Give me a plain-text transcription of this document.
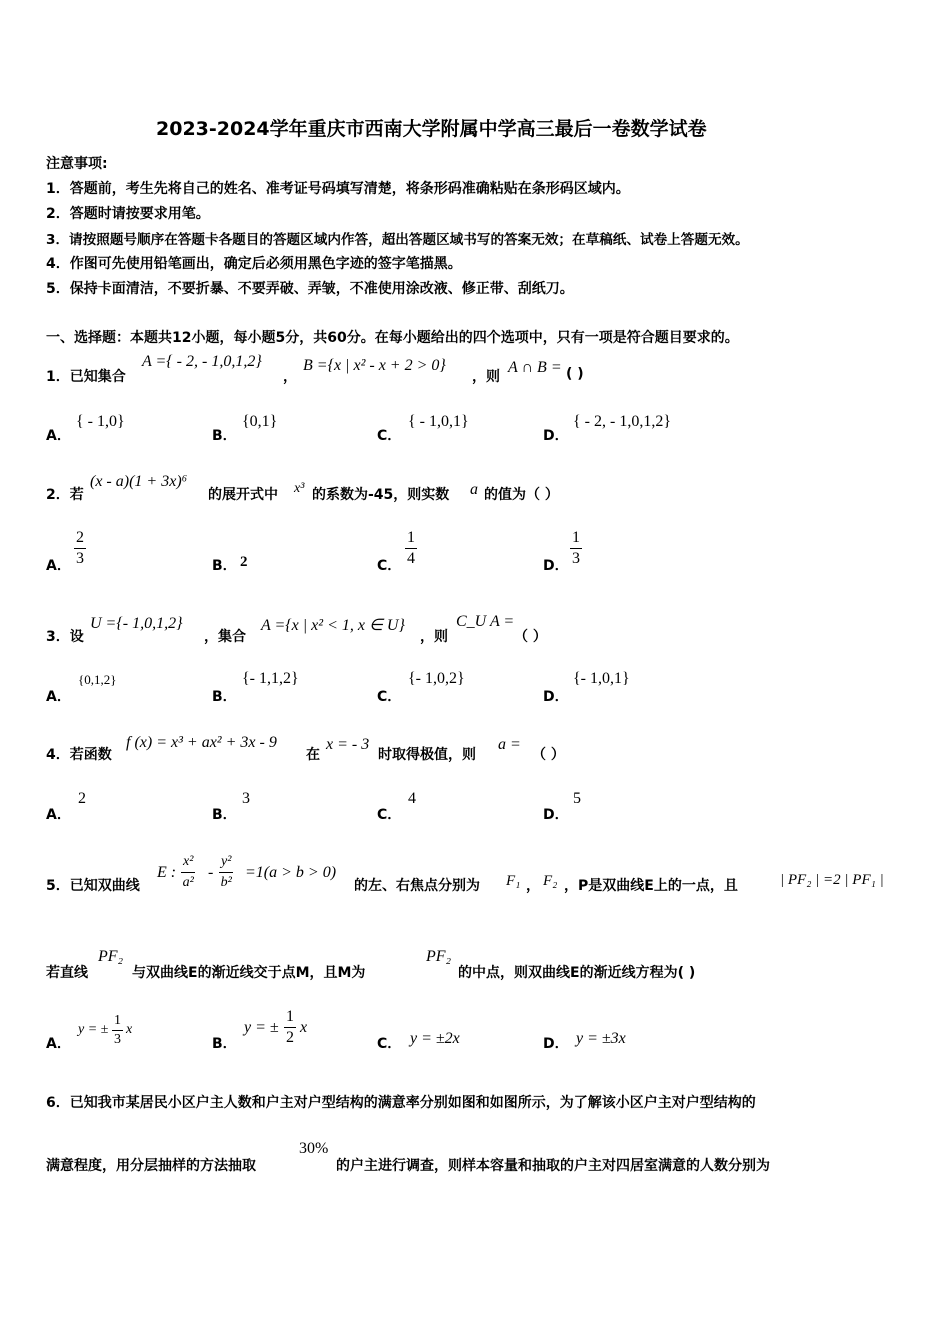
2023-2024学年重庆市西南大学附属中学高三最后一卷数学试卷
注意事项:
1．答题前，考生先将自己的姓名、准考证号码填写清楚，将条形码准确粘贴在条形码区域内。
2．答题时请按要求用笔。
3．请按照题号顺序在答题卡各题目的答题区域内作答，超出答题区域书写的答案无效；在草稿纸、试卷上答题无效。
4．作图可先使用铅笔画出，确定后必须用黑色字迹的签字笔描黑。
5．保持卡面清洁，不要折暴、不要弄破、弄皱，不准使用涂改液、修正带、刮纸刀。
一、选择题：本题共12小题，每小题5分，共60分。在每小题给出的四个选项中，只有一项是符合题目要求的。
1．已知集合
A ={ - 2, - 1,0,1,2}
，
B ={x | x² - x + 2 > 0}
，则
A ∩ B = ( )
A．
{ - 1,0}
B．
{0,1}
C．
{ - 1,0,1}
D．
{ - 2, - 1,0,1,2}
2．若
(x - a)(1 + 3x)⁶
的展开式中 x³ 的系数为-45，则实数 a 的值为（ ）
A． $\frac{2}{3}$	B． 2	C． $\frac{1}{4}$	D． $\frac{1}{3}$
3．设
U ={- 1,0,1,2}
，集合
A ={x | x² < 1, x ∈ U}
，则
C_U A =
（ ）
A．
{0,1,2}
B．
{- 1,1,2}
C．
{- 1,0,2}
D．
{- 1,0,1}
4．若函数
f (x) = x³ + ax² + 3x - 9
在
x = - 3
时取得极值，则
a =
（ ）
A．
2
B．
3
C．
4
D．
5
5．已知双曲线
E : $\frac{\text{x²}}{\text{a²}} - \frac{\text{y²}}{\text{b²}} =1(a > b > 0)$
的左、右焦点分别为 F₁ ， F₂ ，P是双曲线E上的一点，且	| PF₂ | =2 | PF₁ |
若直线
PF₂
与双曲线E的渐近线交于点M，且M为
PF₂
的中点，则双曲线E的渐近线方程为( )
A．
y = ± $\frac{1}{3}$ x
B．
y = ± $\frac{1}{2}$ x
C． y = ±2x	D． y = ±3x
6．已知我市某居民小区户主人数和户主对户型结构的满意率分别如图和如图所示，为了解该小区户主对户型结构的
满意程度，用分层抽样的方法抽取
30%
的户主进行调查，则样本容量和抽取的户主对四居室满意的人数分别为
